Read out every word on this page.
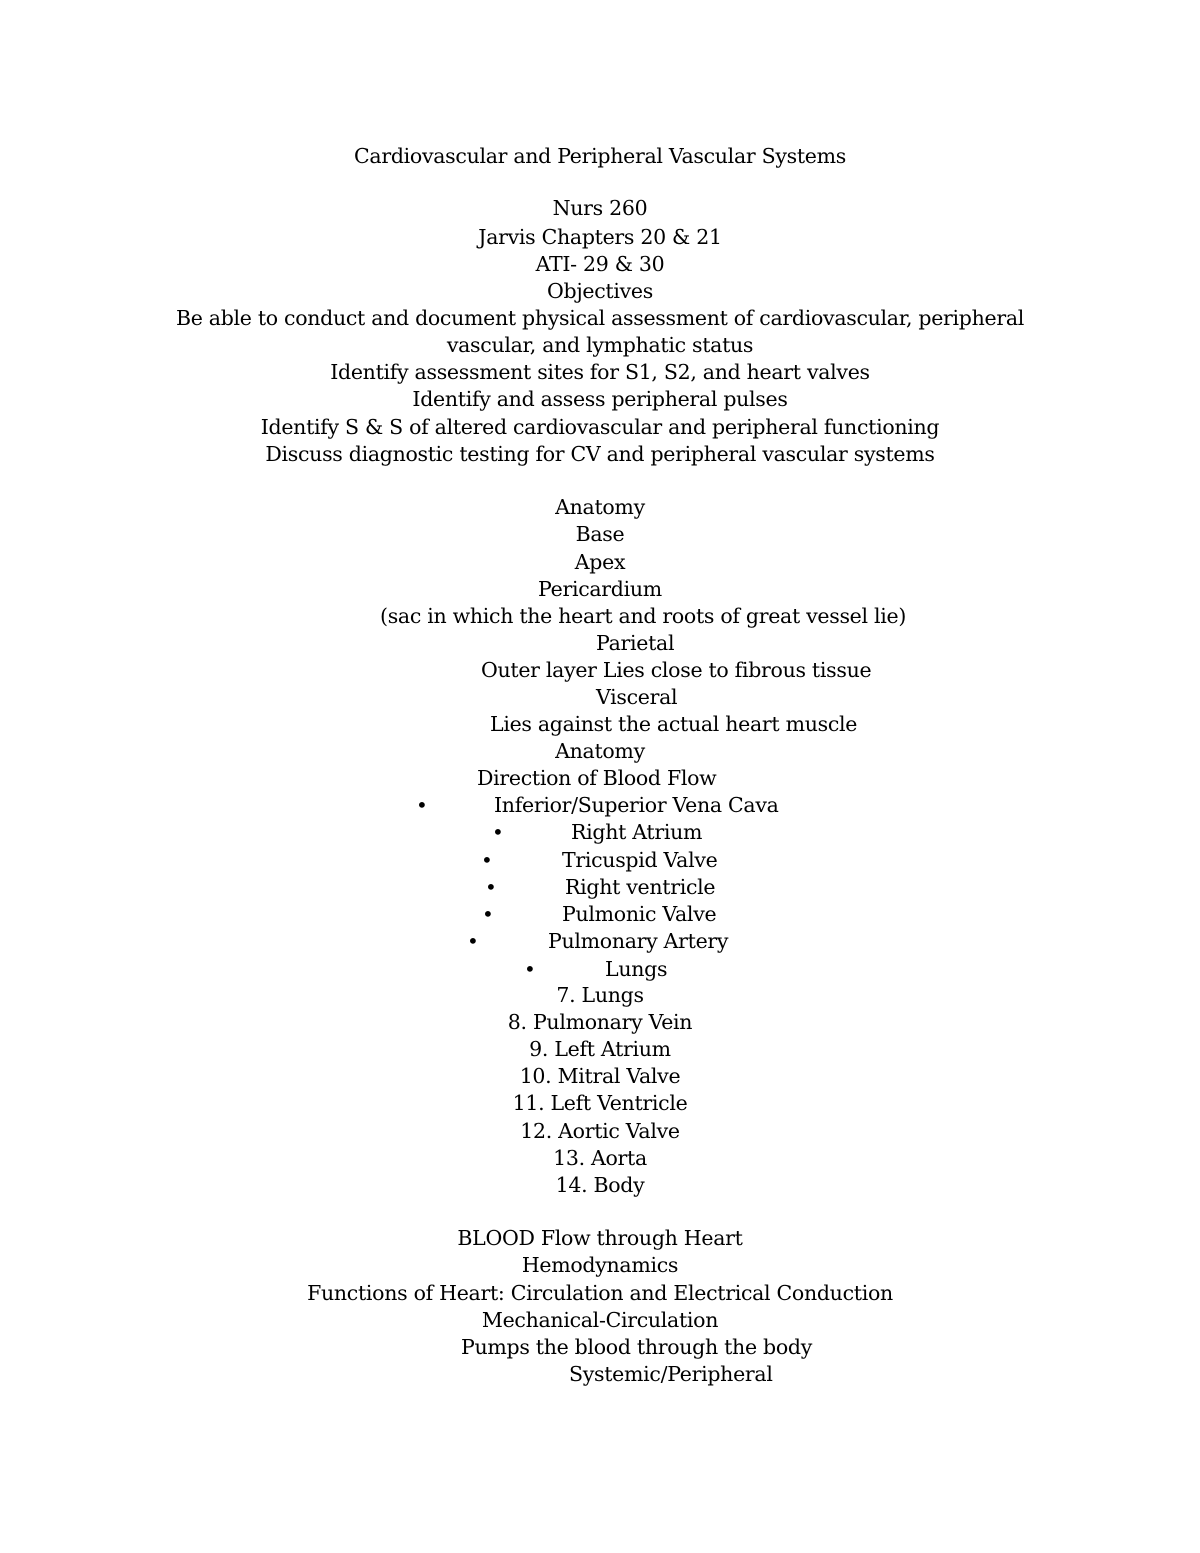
Cardiovascular and Peripheral Vascular Systems
Nurs 260
Jarvis Chapters 20 & 21
ATI- 29 & 30
Objectives
Be able to conduct and document physical assessment of cardiovascular, peripheral
vascular, and lymphatic status
Identify assessment sites for S1, S2, and heart valves
Identify and assess peripheral pulses
Identify S & S of altered cardiovascular and peripheral functioning
Discuss diagnostic testing for CV and peripheral vascular systems
Anatomy
Base
Apex
Pericardium
(sac in which the heart and roots of great vessel lie)
Parietal
Outer layer Lies close to fibrous tissue
Visceral
Lies against the actual heart muscle
Anatomy
Direction of Blood Flow
•	Inferior/Superior Vena Cava
•	Right Atrium
•	Tricuspid Valve
•	Right ventricle
•	Pulmonic Valve
•	Pulmonary Artery
•	Lungs
7. Lungs
8. Pulmonary Vein
9. Left Atrium
10. Mitral Valve
11. Left Ventricle
12. Aortic Valve
13. Aorta
14. Body
BLOOD Flow through Heart
Hemodynamics
Functions of Heart: Circulation and Electrical Conduction
Mechanical-Circulation
Pumps the blood through the body
Systemic/Peripheral
